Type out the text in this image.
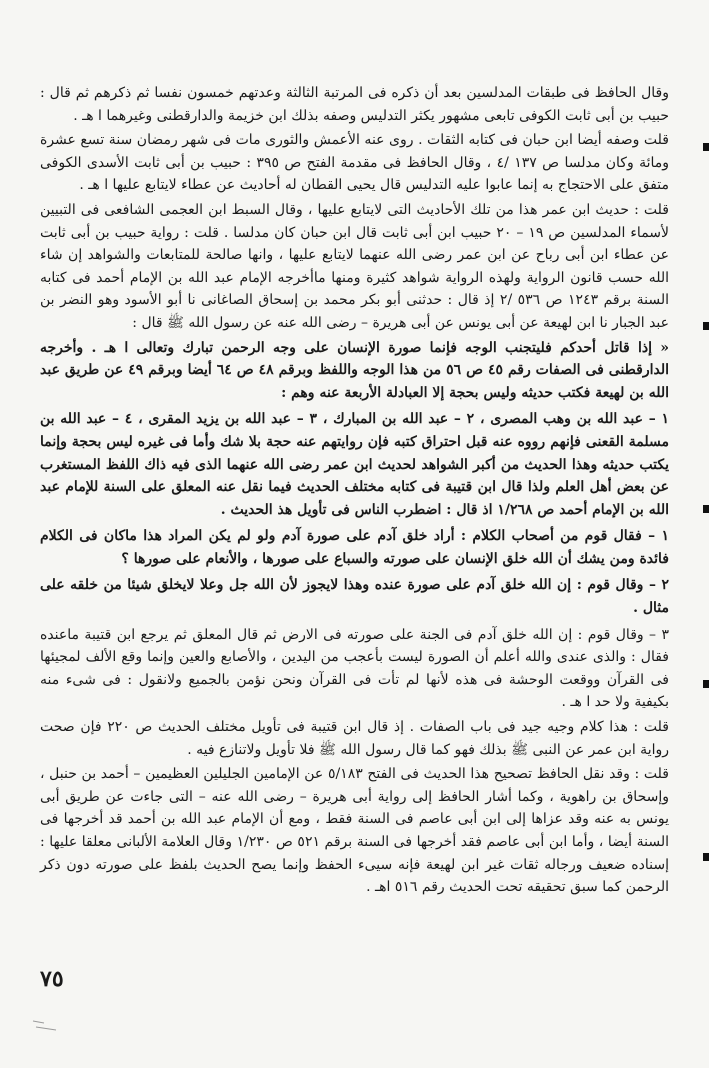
وقال الحافظ فى طبقات المدلسين بعد أن ذكره فى المرتبة الثالثة وعدتهم خمسون نفسا ثم ذكرهم ثم قال : حبيب بن أبى ثابت الكوفى تابعى مشهور يكثر التدليس وصفه بذلك ابن خزيمة والدارقطنى وغيرهما ا هـ .

قلت وصفه أيضا ابن حبان فى كتابه الثقات . روى عنه الأعمش والثورى مات فى شهر رمضان سنة تسع عشرة ومائة وكان مدلسا ص ١٣٧ /٤ ، وقال الحافظ فى مقدمة الفتح ص ٣٩٥ : حبيب بن أبى ثابت الأسدى الكوفى متفق على الاحتجاج به إنما عابوا عليه التدليس قال يحيى القطان له أحاديث عن عطاء لايتابع عليها ا هـ .

قلت : حديث ابن عمر هذا من تلك الأحاديث التى لايتابع عليها ، وقال السبط ابن العجمى الشافعى فى التبيين لأسماء المدلسين ص ١٩ – ٢٠ حبيب ابن أبى ثابت قال ابن حبان كان مدلسا . قلت : رواية حبيب بن أبى ثابت عن عطاء ابن أبى رباح عن ابن عمر رضى الله عنهما لايتابع عليها ، وانها صالحة للمتابعات والشواهد إن شاء الله حسب قانون الرواية ولهذه الرواية شواهد كثيرة ومنها ماأخرجه الإمام عبد الله بن الإمام أحمد فى كتابه السنة برقم ١٢٤٣ ص ٥٣٦ /٢ إذ قال : حدثنى أبو بكر محمد بن إسحاق الصاغانى نا أبو الأسود وهو النضر بن عبد الجبار نا ابن لهيعة عن أبى يونس عن أبى هريرة – رضى الله عنه عن رسول الله ﷺ قال :

« إذا قاتل أحدكم فليتجنب الوجه فإنما صورة الإنسان على وجه الرحمن تبارك وتعالى ا هـ . وأخرجه الدارقطنى فى الصفات رقم ٤٥ ص ٥٦ من هذا الوجه واللفظ وبرقم ٤٨ ص ٦٤ أيضا وبرقم ٤٩ عن طريق عبد الله بن لهيعة فكتب حديثه وليس بحجة إلا العبادلة الأربعة عنه وهم :

١ – عبد الله بن وهب المصرى ، ٢ – عبد الله بن المبارك ، ٣ – عبد الله بن يزيد المقرى ، ٤ – عبد الله بن مسلمة القعنى فإنهم رووه عنه قبل احتراق كتبه فإن روايتهم عنه حجة بلا شك وأما فى غيره ليس بحجة وإنما يكتب حديثه وهذا الحديث من أكبر الشواهد لحديث ابن عمر رضى الله عنهما الذى فيه ذاك اللفظ المستغرب عن بعض أهل العلم ولذا قال ابن قتيبة فى كتابه مختلف الحديث فيما نقل عنه المعلق على السنة للإمام عبد الله بن الإمام أحمد ص ١/٢٦٨ اذ قال : اضطرب الناس فى تأويل هذ الحديث .

١ – فقال قوم من أصحاب الكلام : أراد خلق آدم على صورة آدم ولو لم يكن المراد هذا ماكان فى الكلام فائدة ومن يشك أن الله خلق الإنسان على صورته والسباع على صورها ، والأنعام على صورها ؟

٢ – وقال قوم : إن الله خلق آدم على صورة عنده وهذا لايجوز لأن الله جل وعلا لايخلق شيئا من خلقه على مثال .

٣ – وقال قوم : إن الله خلق آدم فى الجنة على صورته فى الارض ثم قال المعلق ثم يرجع ابن قتيبة ماعنده فقال : والذى عندى والله أعلم أن الصورة ليست بأعجب من اليدين ، والأصابع والعين وإنما وقع الألف لمجيئها فى القرآن ووقعت الوحشة فى هذه لأنها لم تأت فى القرآن ونحن نؤمن بالجميع ولانقول : فى شىء منه بكيفية ولا حد ا هـ .

قلت : هذا كلام وجيه جيد فى باب الصفات . إذ قال ابن قتيبة فى تأويل مختلف الحديث ص ٢٢٠ فإن صحت رواية ابن عمر عن النبى ﷺ بذلك فهو كما قال رسول الله ﷺ فلا تأويل ولاتنازع فيه .

قلت : وقد نقل الحافظ تصحيح هذا الحديث فى الفتح ٥/١٨٣ عن الإمامين الجليلين العظيمين – أحمد بن حنبل ، وإسحاق بن راهوية ، وكما أشار الحافظ إلى رواية أبى هريرة – رضى الله عنه – التى جاءت عن طريق أبى يونس به عنه وقد عزاها إلى ابن أبى عاصم فى السنة فقط ، ومع أن الإمام عبد الله بن أحمد قد أخرجها فى السنة أيضا ، وأما ابن أبى عاصم فقد أخرجها فى السنة برقم ٥٢١ ص ١/٢٣٠ وقال العلامة الألبانى معلقا عليها : إسناده ضعيف ورجاله ثقات غير ابن لهيعة فإنه سيىء الحفظ وإنما يصح الحديث بلفظ على صورته دون ذكر الرحمن كما سبق تحقيقه تحت الحديث رقم ٥١٦ اهـ .

٧٥
